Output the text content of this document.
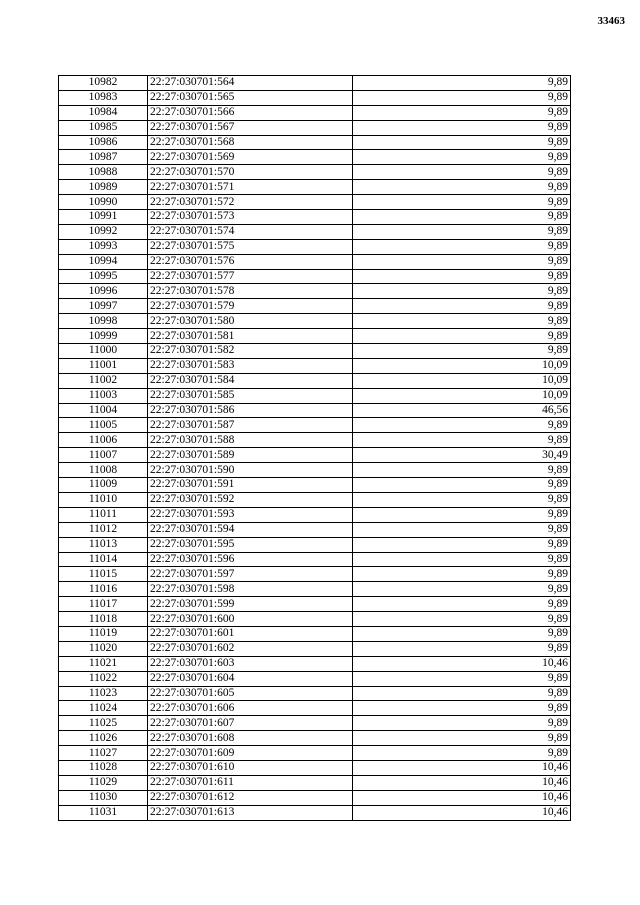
33463
10982	22:27:030701:564	9,89
10983	22:27:030701:565	9,89
10984	22:27:030701:566	9,89
10985	22:27:030701:567	9,89
10986	22:27:030701:568	9,89
10987	22:27:030701:569	9,89
10988	22:27:030701:570	9,89
10989	22:27:030701:571	9,89
10990	22:27:030701:572	9,89
10991	22:27:030701:573	9,89
10992	22:27:030701:574	9,89
10993	22:27:030701:575	9,89
10994	22:27:030701:576	9,89
10995	22:27:030701:577	9,89
10996	22:27:030701:578	9,89
10997	22:27:030701:579	9,89
10998	22:27:030701:580	9,89
10999	22:27:030701:581	9,89
11000	22:27:030701:582	9,89
11001	22:27:030701:583	10,09
11002	22:27:030701:584	10,09
11003	22:27:030701:585	10,09
11004	22:27:030701:586	46,56
11005	22:27:030701:587	9,89
11006	22:27:030701:588	9,89
11007	22:27:030701:589	30,49
11008	22:27:030701:590	9,89
11009	22:27:030701:591	9,89
11010	22:27:030701:592	9,89
11011	22:27:030701:593	9,89
11012	22:27:030701:594	9,89
11013	22:27:030701:595	9,89
11014	22:27:030701:596	9,89
11015	22:27:030701:597	9,89
11016	22:27:030701:598	9,89
11017	22:27:030701:599	9,89
11018	22:27:030701:600	9,89
11019	22:27:030701:601	9,89
11020	22:27:030701:602	9,89
11021	22:27:030701:603	10,46
11022	22:27:030701:604	9,89
11023	22:27:030701:605	9,89
11024	22:27:030701:606	9,89
11025	22:27:030701:607	9,89
11026	22:27:030701:608	9,89
11027	22:27:030701:609	9,89
11028	22:27:030701:610	10,46
11029	22:27:030701:611	10,46
11030	22:27:030701:612	10,46
11031	22:27:030701:613	10,46
